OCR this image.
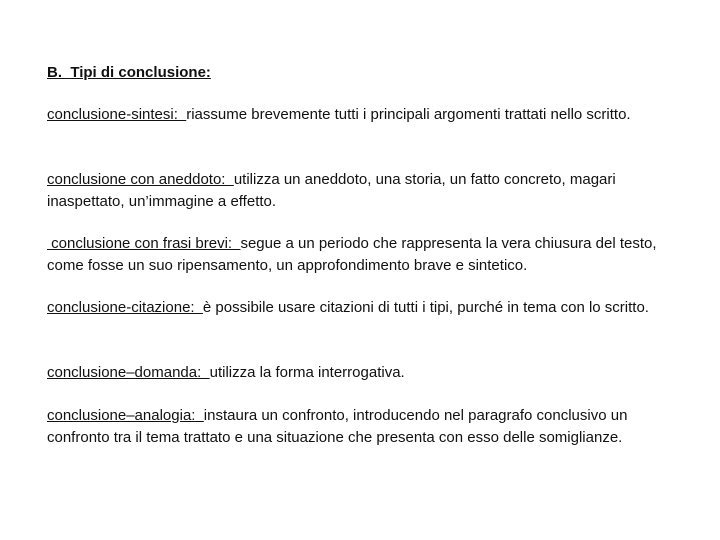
B.  Tipi di conclusione:

conclusione-sintesi:  riassume brevemente tutti i principali argomenti trattati nello scritto.

conclusione con aneddoto:  utilizza un aneddoto, una storia, un fatto concreto, magari inaspettato, un’immagine a effetto.

conclusione con frasi brevi:  segue a un periodo che rappresenta la vera chiusura del testo, come fosse un suo ripensamento, un approfondimento brave e sintetico.

conclusione-citazione:  è possibile usare citazioni di tutti i tipi, purché in tema con lo scritto.

conclusione–domanda:  utilizza la forma interrogativa.

conclusione–analogia:  instaura un confronto, introducendo nel paragrafo conclusivo un confronto tra il tema trattato e una situazione che presenta con esso delle somiglianze.
